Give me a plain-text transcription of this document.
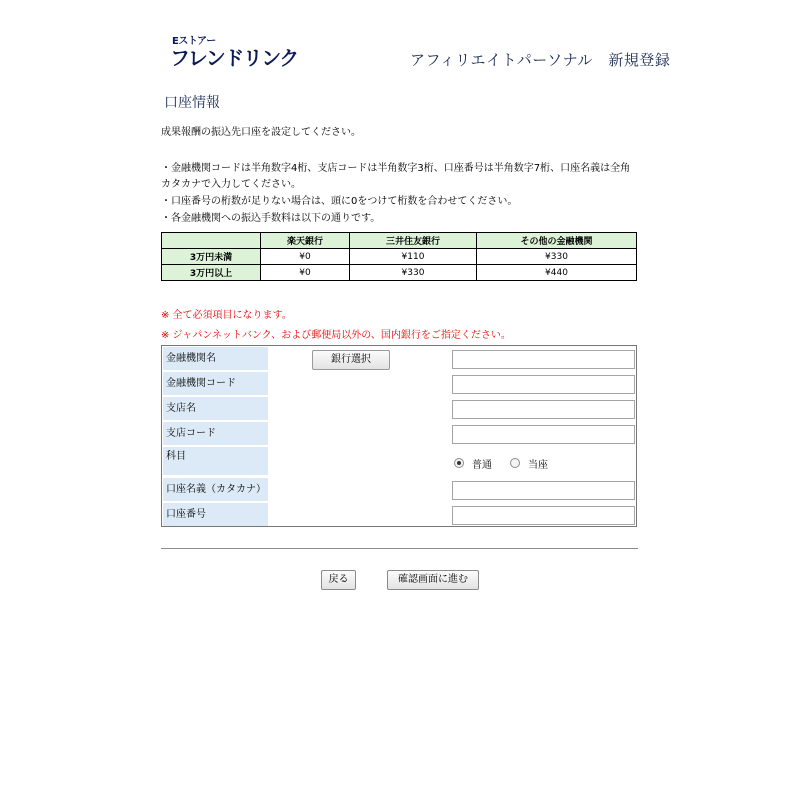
Eストアー
フレンドリンク	アフィリエイトパーソナル　新規登録
口座情報
成果報酬の振込先口座を設定してください。
・金融機関コードは半角数字4桁、支店コードは半角数字3桁、口座番号は半角数字7桁、口座名義は全角
カタカナで入力してください。
・口座番号の桁数が足りない場合は、頭に0をつけて桁数を合わせてください。
・各金融機関への振込手数料は以下の通りです。
	楽天銀行	三井住友銀行	その他の金融機関
3万円未満	¥0	¥110	¥330
3万円以上	¥0	¥330	¥440
※ 全て必須項目になります。
※ ジャパンネットバンク、および郵便局以外の、国内銀行をご指定ください。
金融機関名	銀行選択
金融機関コード
支店名
支店コード
科目
普通	当座
口座名義（カタカナ）
口座番号
戻る	確認画面に進む
